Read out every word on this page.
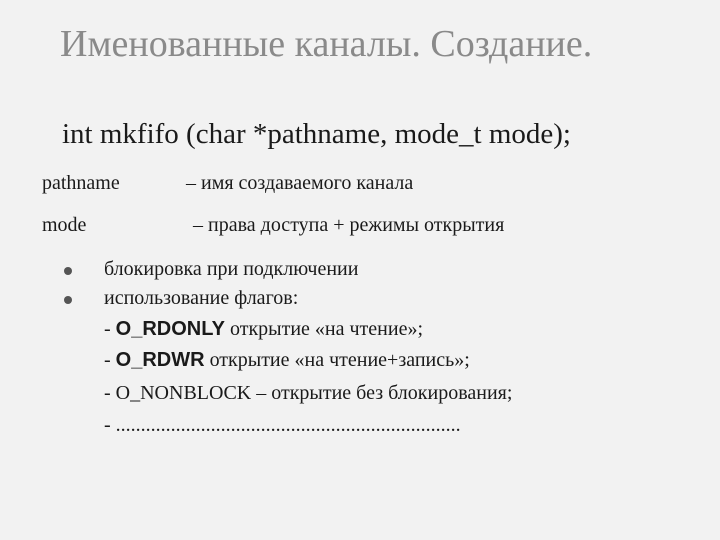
Именованные каналы. Создание.
int mkfifo (char *pathname, mode_t mode);
pathname	– имя создаваемого канала
mode	– права доступа + режимы открытия
блокировка при подключении
использование флагов:
- O_RDONLY открытие «на чтение»;
- O_RDWR открытие «на чтение+запись»;
- O_NONBLOCK – открытие без блокирования;
- .....................................................................
